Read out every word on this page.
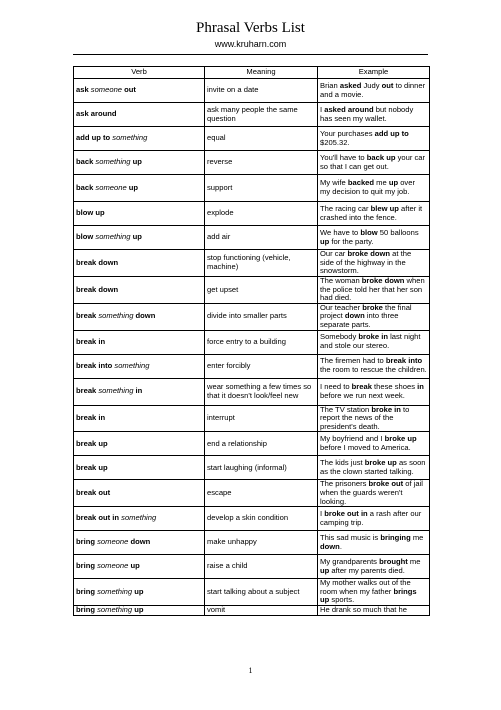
Phrasal Verbs List
www.kruharn.com
Verb	Meaning	Example
ask someone out	invite on a date	Brian asked Judy out to dinner and a movie.
ask around	ask many people the same question	I asked around but nobody has seen my wallet.
add up to something	equal	Your purchases add up to $205.32.
back something up	reverse	You'll have to back up your car so that I can get out.
back someone up	support	My wife backed me up over my decision to quit my job.
blow up	explode	The racing car blew up after it crashed into the fence.
blow something up	add air	We have to blow 50 balloons up for the party.
break down	stop functioning (vehicle, machine)	Our car broke down at the side of the highway in the snowstorm.
break down	get upset	The woman broke down when the police told her that her son had died.
break something down	divide into smaller parts	Our teacher broke the final project down into three separate parts.
break in	force entry to a building	Somebody broke in last night and stole our stereo.
break into something	enter forcibly	The firemen had to break into the room to rescue the children.
break something in	wear something a few times so that it doesn't look/feel new	I need to break these shoes in before we run next week.
break in	interrupt	The TV station broke in to report the news of the president's death.
break up	end a relationship	My boyfriend and I broke up before I moved to America.
break up	start laughing (informal)	The kids just broke up as soon as the clown started talking.
break out	escape	The prisoners broke out of jail when the guards weren't looking.
break out in something	develop a skin condition	I broke out in a rash after our camping trip.
bring someone down	make unhappy	This sad music is bringing me down.
bring someone up	raise a child	My grandparents brought me up after my parents died.
bring something up	start talking about a subject	My mother walks out of the room when my father brings up sports.
bring something up	vomit	He drank so much that he
1
